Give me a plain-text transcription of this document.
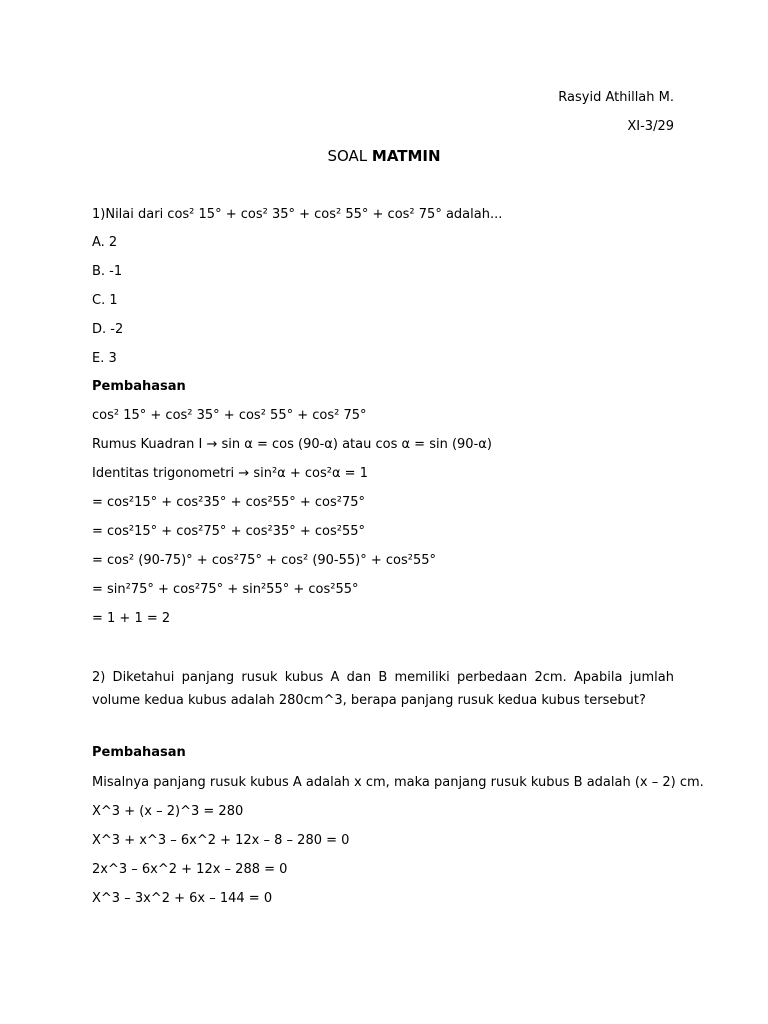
Rasyid Athillah M.
XI-3/29
SOAL MATMIN
1)Nilai dari cos² 15° + cos² 35° + cos² 55° + cos² 75° adalah...
A. 2
B. -1
C. 1
D. -2
E. 3
Pembahasan
cos² 15° + cos² 35° + cos² 55° + cos² 75°
Rumus Kuadran I → sin α = cos (90-α) atau cos α = sin (90-α)
Identitas trigonometri → sin²α + cos²α = 1
= cos²15° + cos²35° + cos²55° + cos²75°
= cos²15° + cos²75° + cos²35° + cos²55°
= cos² (90-75)° + cos²75° + cos² (90-55)° + cos²55°
= sin²75° + cos²75° + sin²55° + cos²55°
= 1 + 1 = 2
2) Diketahui panjang rusuk kubus A dan B memiliki perbedaan 2cm. Apabila jumlah volume kedua kubus adalah 280cm^3, berapa panjang rusuk kedua kubus tersebut?
Pembahasan
Misalnya panjang rusuk kubus A adalah x cm, maka panjang rusuk kubus B adalah (x – 2) cm.
X^3 + (x – 2)^3 = 280
X^3 + x^3 – 6x^2 + 12x – 8 – 280 = 0
2x^3 – 6x^2 + 12x – 288 = 0
X^3 – 3x^2 + 6x – 144 = 0
